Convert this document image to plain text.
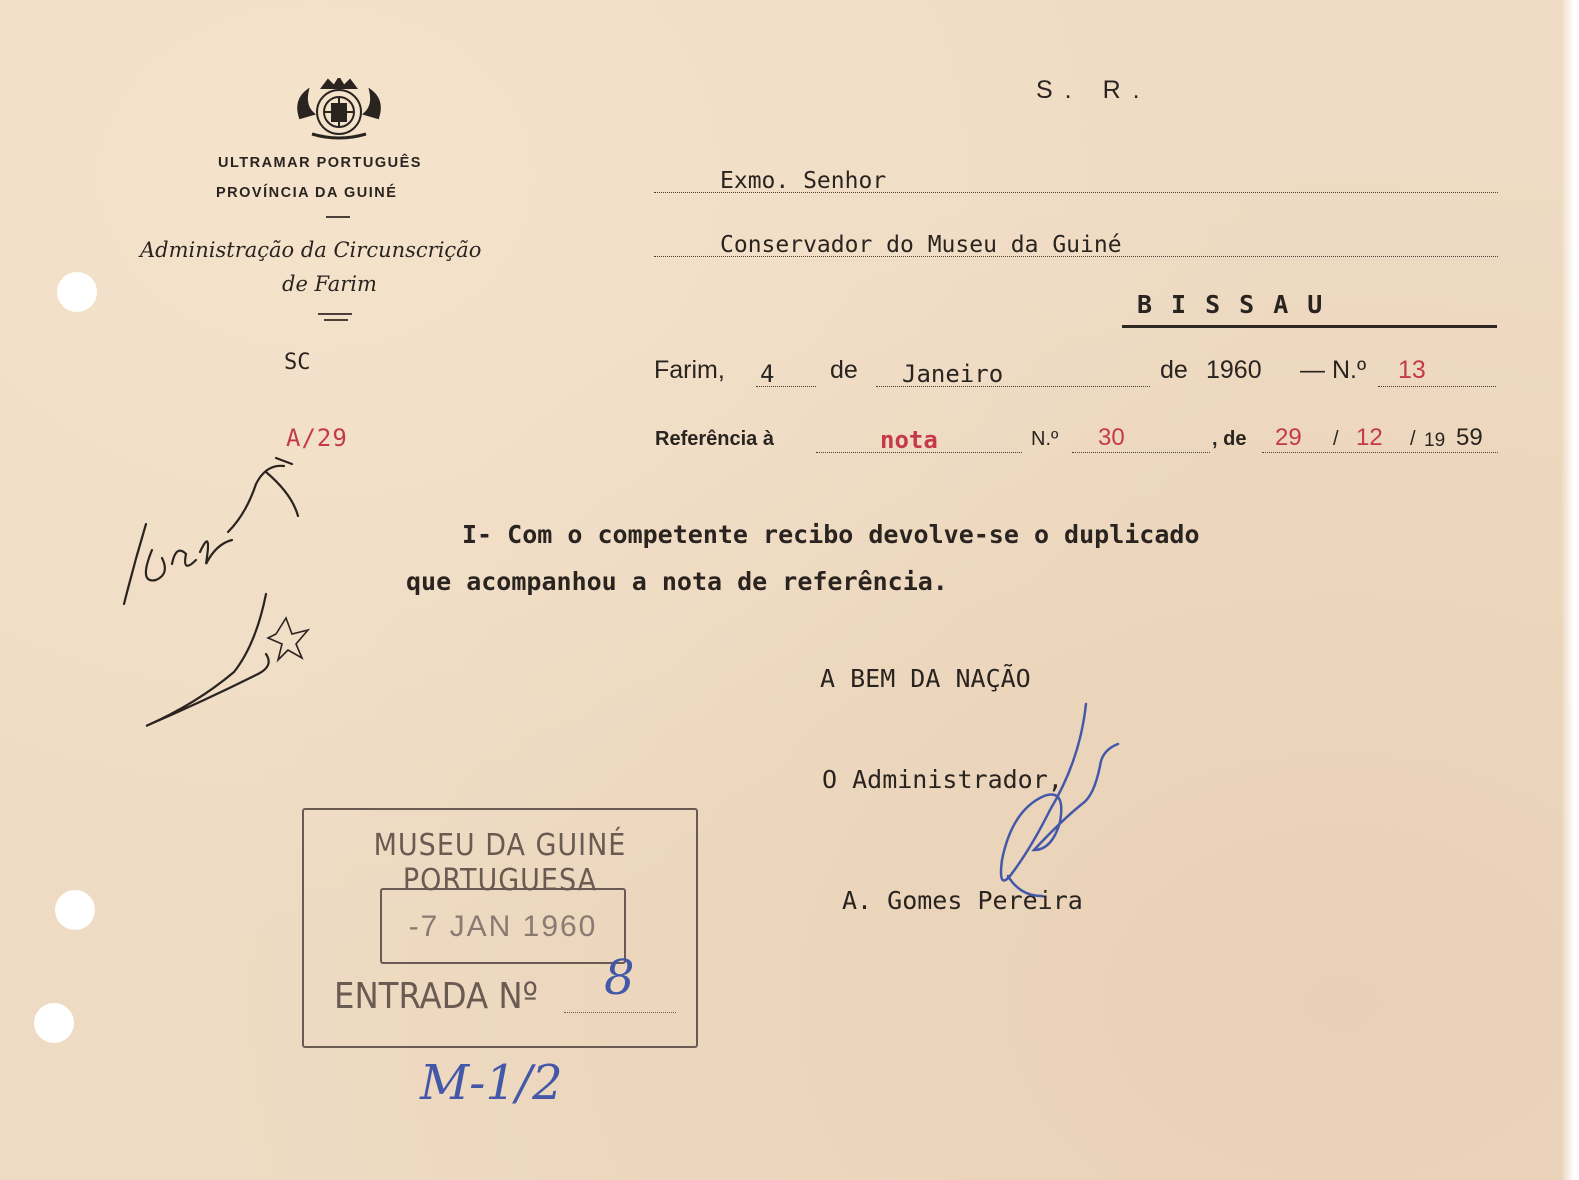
ULTRAMAR PORTUGUÊS
PROVÍNCIA DA GUINÉ
Administração da Circunscrição
de Farim
SC
A/29
S. R.
Exmo. Senhor
Conservador do Museu da Guiné
BISSAU
Farim, 4 de Janeiro	de 1960 — N.º 13
Referência à	nota	N.º 30	, de 29 / 12 / 19 59
I- Com o competente recibo devolve-se o duplicado
que acompanhou a nota de referência.
A BEM DA NAÇÃO
O Administrador,
A. Gomes Pereira
MUSEU DA GUINÉ PORTUGUESA
-7 JAN 1960
ENTRADA Nº 8
M-1/2
